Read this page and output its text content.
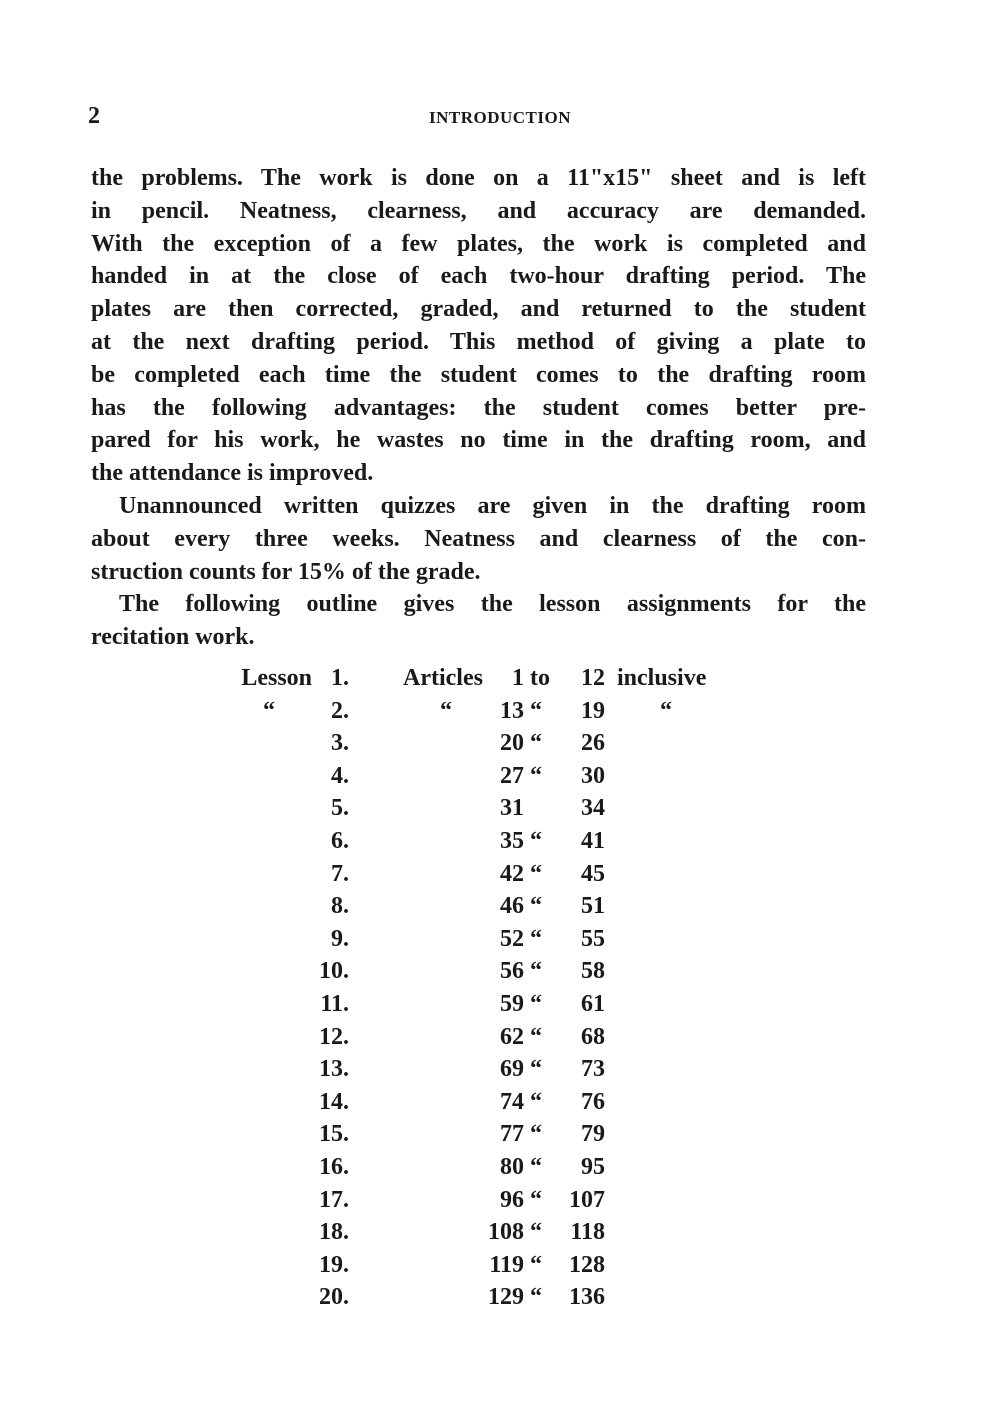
2	INTRODUCTION
the problems. The work is done on a 11"x15" sheet and is left
in pencil. Neatness, clearness, and accuracy are demanded.
With the exception of a few plates, the work is completed and
handed in at the close of each two-hour drafting period. The
plates are then corrected, graded, and returned to the student
at the next drafting period. This method of giving a plate to
be completed each time the student comes to the drafting room
has the following advantages: the student comes better pre-
pared for his work, he wastes no time in the drafting room, and
the attendance is improved.
Unannounced written quizzes are given in the drafting room
about every three weeks. Neatness and clearness of the con-
struction counts for 15% of the grade.
The following outline gives the lesson assignments for the
recitation work.
Lesson 1. Articles 1 to 12 inclusive
“ 2.	“ 13 “ 19 “
3.	20 “ 26
4.	27 “ 30
5.	31 34
6.	35 “ 41
7.	42 “ 45
8.	46 “ 51
9.	52 “ 55
10.	56 “ 58
11.	59 “ 61
12.	62 “ 68
13.	69 “ 73
14.	74 “ 76
15.	77 “ 79
16.	80 “ 95
17.	96 “ 107
18.	108 “ 118
19.	119 “ 128
20.	129 “ 136
